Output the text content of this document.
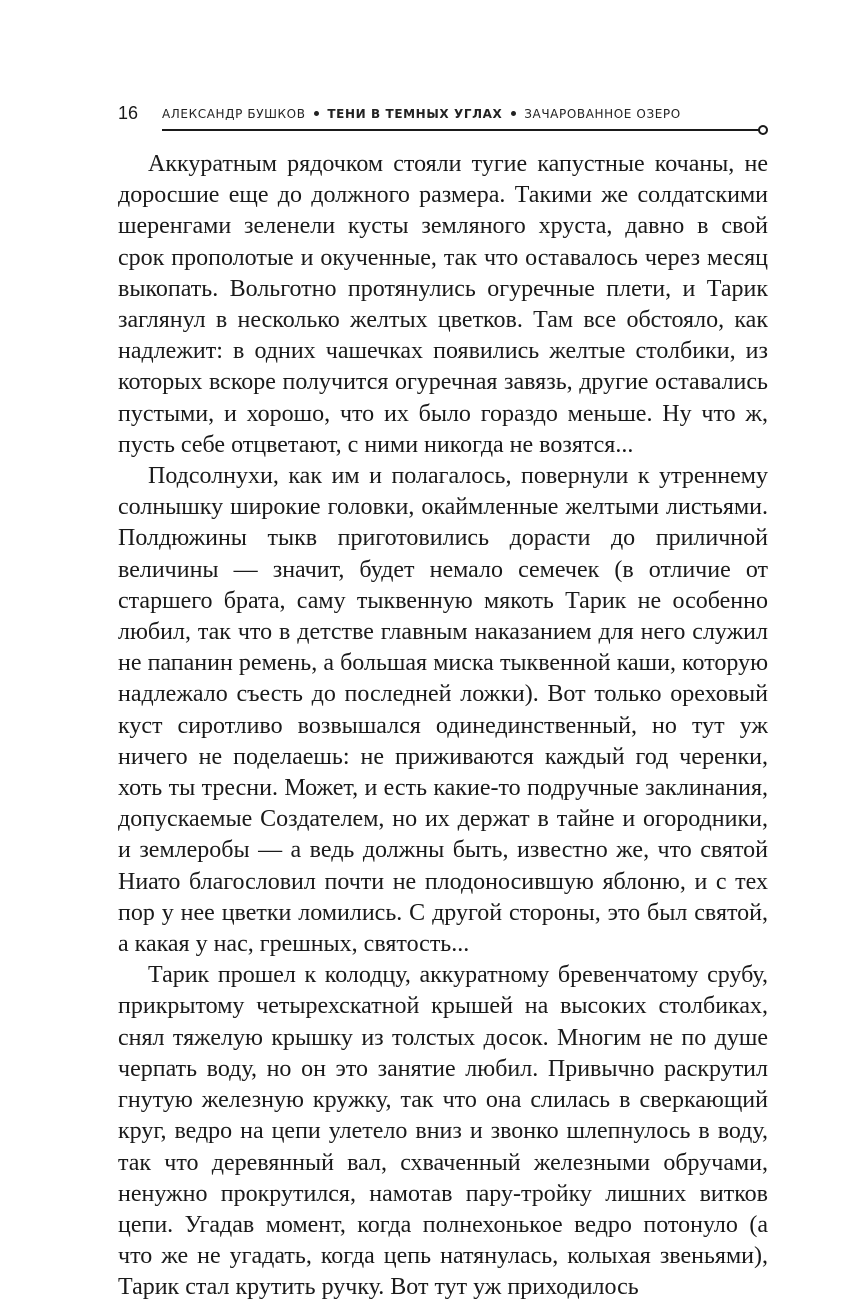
16 АЛЕКСАНДР БУШКОВ ТЕНИ В ТЕМНЫХ УГЛАХ ЗАЧАРОВАННОЕ ОЗЕРО

Аккуратным рядочком стояли тугие капустные кочаны, не доросшие еще до должного размера. Такими же солдатскими шеренгами зеленели кусты земляного хруста, давно в свой срок прополотые и окученные, так что оставалось через месяц выкопать. Вольготно протянулись огуречные плети, и Тарик заглянул в несколько желтых цветков. Там все обстояло, как надлежит: в одних чашечках появились желтые столбики, из которых вскоре получится огуречная завязь, другие оставались пустыми, и хорошо, что их было гораздо меньше. Ну что ж, пусть себе отцветают, с ними никогда не возятся...

Подсолнухи, как им и полагалось, повернули к утреннему солнышку широкие головки, окаймленные желтыми листьями. Полдюжины тыкв приготовились дорасти до приличной величины — значит, будет немало семечек (в отличие от старшего брата, саму тыквенную мякоть Тарик не особенно любил, так что в детстве главным наказанием для него служил не папанин ремень, а большая миска тыквенной каши, которую надлежало съесть до последней ложки). Вот только ореховый куст сиротливо возвышался одинединственный, но тут уж ничего не поделаешь: не приживаются каждый год черенки, хоть ты тресни. Может, и есть какие-то подручные заклинания, допускаемые Создателем, но их держат в тайне и огородники, и землеробы — а ведь должны быть, известно же, что святой Ниато благословил почти не плодоносившую яблоню, и с тех пор у нее цветки ломились. С другой стороны, это был святой, а какая у нас, грешных, святость...

Тарик прошел к колодцу, аккуратному бревенчатому срубу, прикрытому четырехскатной крышей на высоких столбиках, снял тяжелую крышку из толстых досок. Многим не по душе черпать воду, но он это занятие любил. Привычно раскрутил гнутую железную кружку, так что она слилась в сверкающий круг, ведро на цепи улетело вниз и звонко шлепнулось в воду, так что деревянный вал, схваченный железными обручами, ненужно прокрутился, намотав пару-тройку лишних витков цепи. Угадав момент, когда полнехонькое ведро потонуло (а что же не угадать, когда цепь натянулась, колыхая звеньями), Тарик стал крутить ручку. Вот тут уж приходилось
